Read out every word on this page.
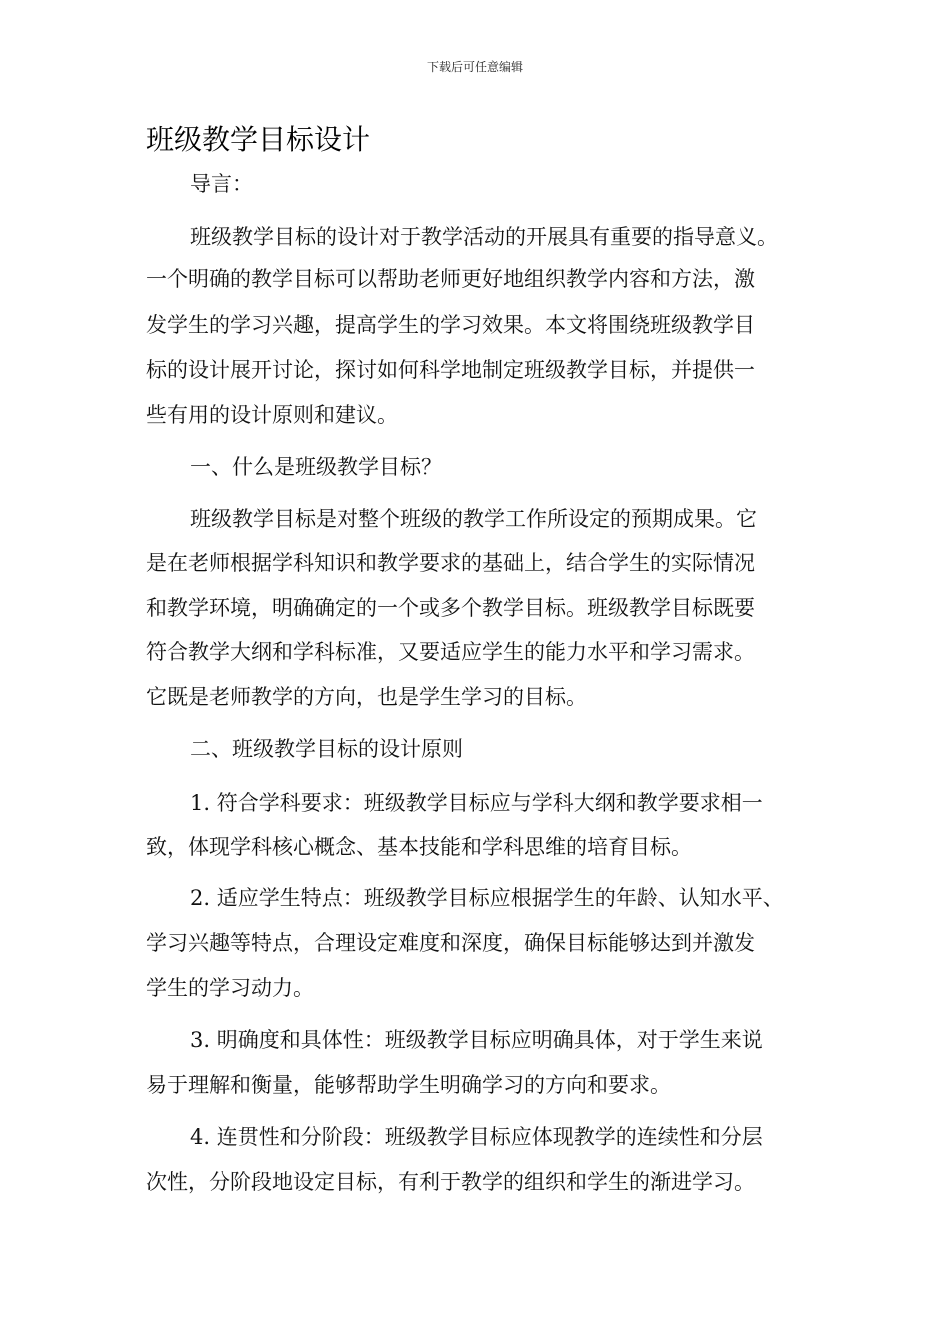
下载后可任意编辑
班级教学目标设计
导言：
班级教学目标的设计对于教学活动的开展具有重要的指导意义。
一个明确的教学目标可以帮助老师更好地组织教学内容和方法，激
发学生的学习兴趣，提高学生的学习效果。本文将围绕班级教学目
标的设计展开讨论，探讨如何科学地制定班级教学目标，并提供一
些有用的设计原则和建议。
一、什么是班级教学目标？
班级教学目标是对整个班级的教学工作所设定的预期成果。它
是在老师根据学科知识和教学要求的基础上，结合学生的实际情况
和教学环境，明确确定的一个或多个教学目标。班级教学目标既要
符合教学大纲和学科标准，又要适应学生的能力水平和学习需求。
它既是老师教学的方向，也是学生学习的目标。
二、班级教学目标的设计原则
1. 符合学科要求：班级教学目标应与学科大纲和教学要求相一
致，体现学科核心概念、基本技能和学科思维的培育目标。
2. 适应学生特点：班级教学目标应根据学生的年龄、认知水平、
学习兴趣等特点，合理设定难度和深度，确保目标能够达到并激发
学生的学习动力。
3. 明确度和具体性：班级教学目标应明确具体，对于学生来说
易于理解和衡量，能够帮助学生明确学习的方向和要求。
4. 连贯性和分阶段：班级教学目标应体现教学的连续性和分层
次性，分阶段地设定目标，有利于教学的组织和学生的渐进学习。
